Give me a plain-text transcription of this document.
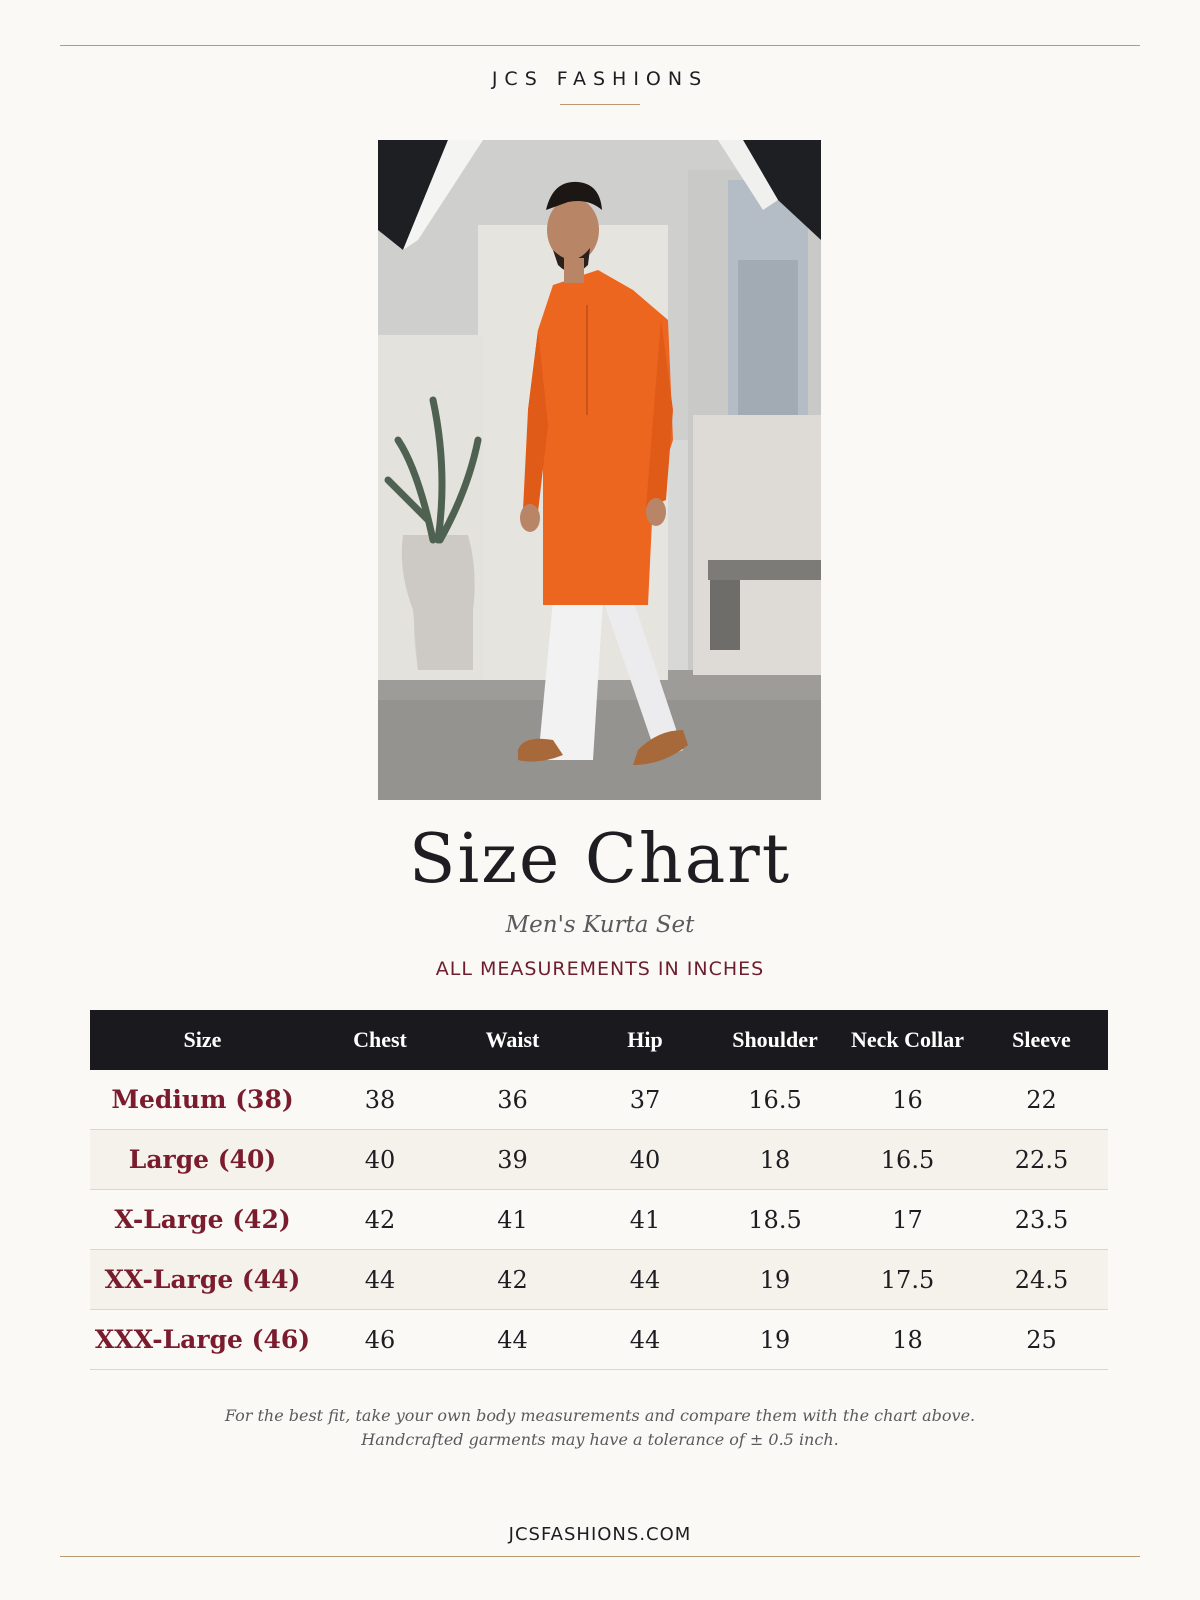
JCS FASHIONS
Size Chart
Men's Kurta Set
ALL MEASUREMENTS IN INCHES
Size	Chest	Waist	Hip	Shoulder	Neck Collar	Sleeve
Medium (38)	38	36	37	16.5	16	22
Large (40)	40	39	40	18	16.5	22.5
X-Large (42)	42	41	41	18.5	17	23.5
XX-Large (44)	44	42	44	19	17.5	24.5
XXX-Large (46)	46	44	44	19	18	25
For the best fit, take your own body measurements and compare them with the chart above.
Handcrafted garments may have a tolerance of ± 0.5 inch.
JCSFASHIONS.COM
